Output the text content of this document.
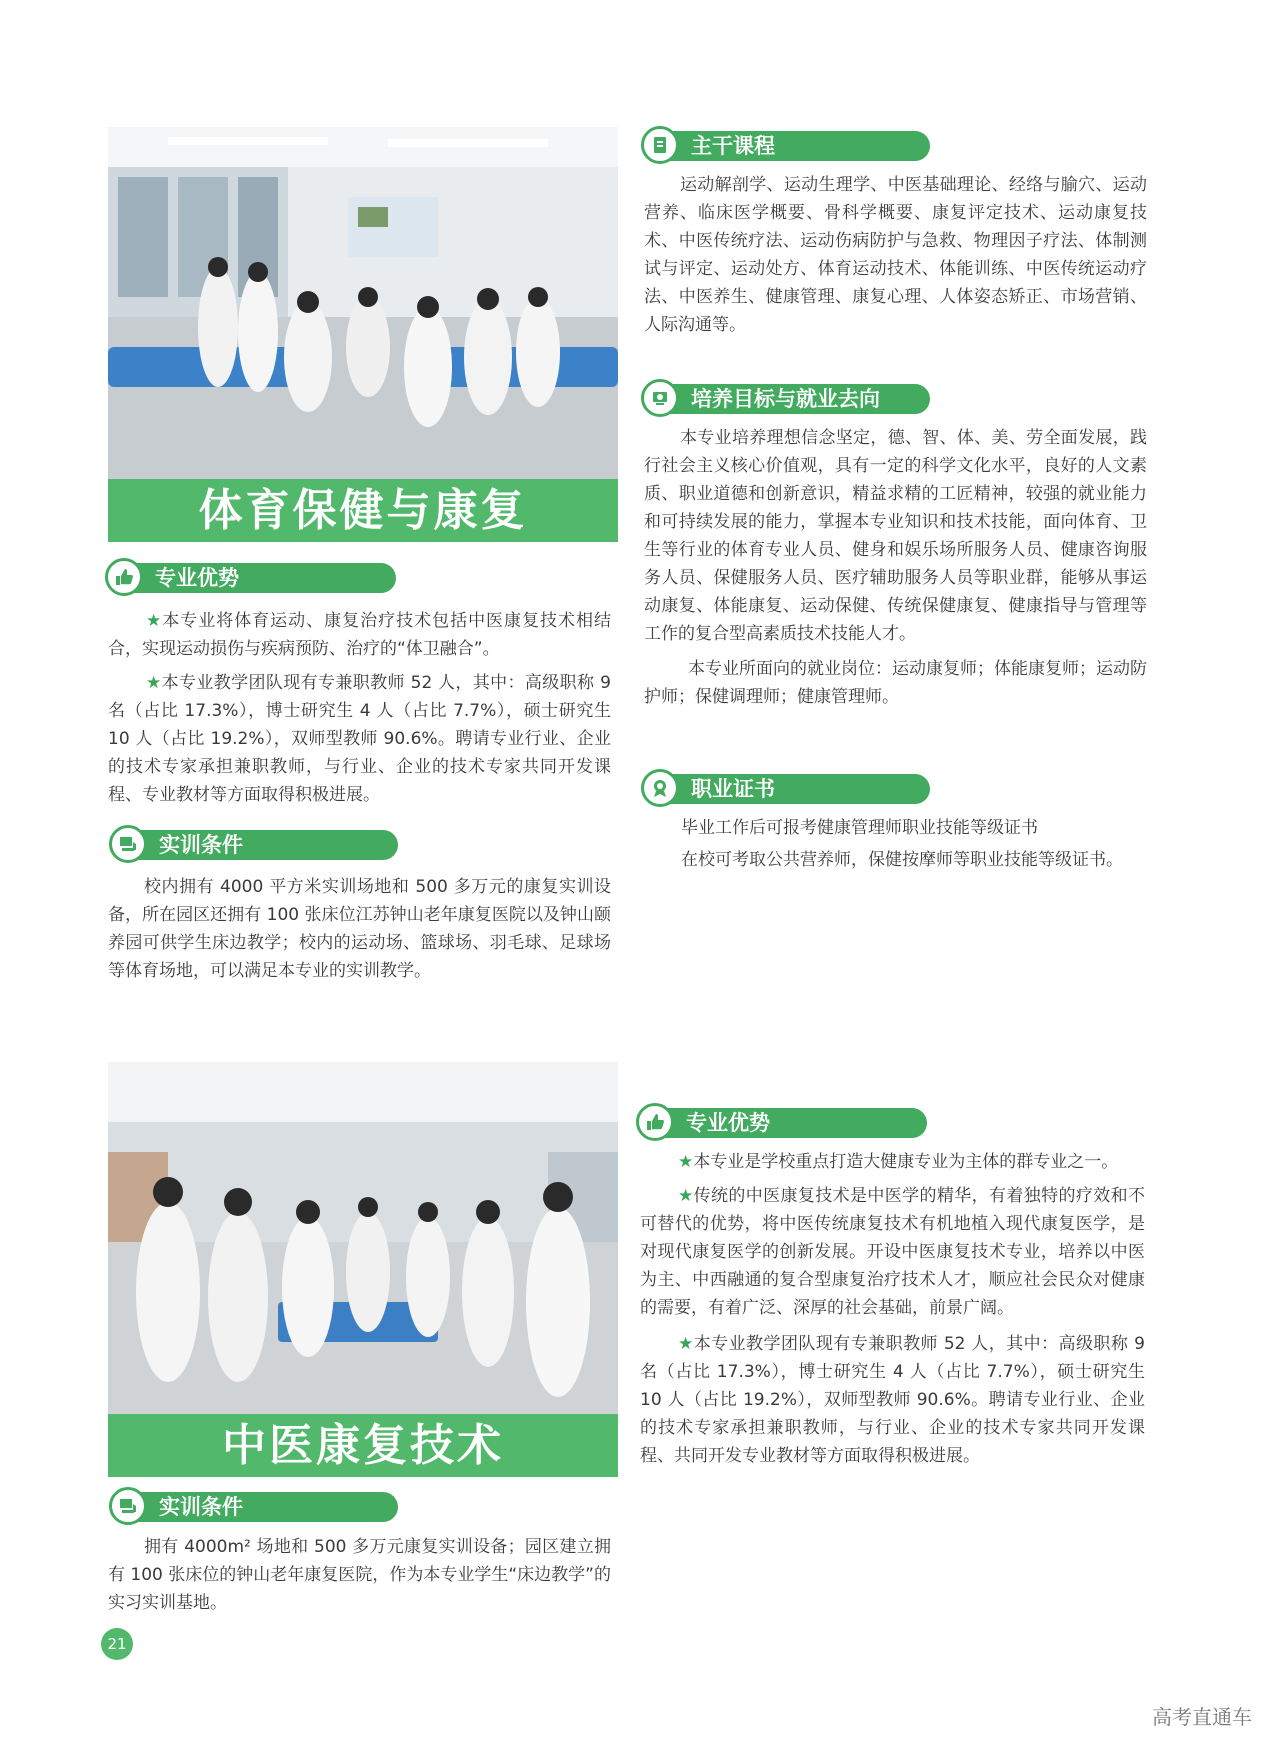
体育保健与康复
专业优势

★本专业将体育运动、康复治疗技术包括中医康复技术相结合，实现运动损伤与疾病预防、治疗的“体卫融合”。

★本专业教学团队现有专兼职教师 52 人，其中：高级职称 9 名（占比 17.3%），博士研究生 4 人（占比 7.7%），硕士研究生 10 人（占比 19.2%），双师型教师 90.6%。聘请专业行业、企业的技术专家承担兼职教师，与行业、企业的技术专家共同开发课程、专业教材等方面取得积极进展。

实训条件

校内拥有 4000 平方米实训场地和 500 多万元的康复实训设备，所在园区还拥有 100 张床位江苏钟山老年康复医院以及钟山颐养园可供学生床边教学；校内的运动场、篮球场、羽毛球、足球场等体育场地，可以满足本专业的实训教学。

主干课程

运动解剖学、运动生理学、中医基础理论、经络与腧穴、运动营养、临床医学概要、骨科学概要、康复评定技术、运动康复技术、中医传统疗法、运动伤病防护与急救、物理因子疗法、体制测试与评定、运动处方、体育运动技术、体能训练、中医传统运动疗法、中医养生、健康管理、康复心理、人体姿态矫正、市场营销、人际沟通等。

培养目标与就业去向

本专业培养理想信念坚定，德、智、体、美、劳全面发展，践行社会主义核心价值观，具有一定的科学文化水平，良好的人文素质、职业道德和创新意识，精益求精的工匠精神，较强的就业能力和可持续发展的能力，掌握本专业知识和技术技能，面向体育、卫生等行业的体育专业人员、健身和娱乐场所服务人员、健康咨询服务人员、保健服务人员、医疗辅助服务人员等职业群，能够从事运动康复、体能康复、运动保健、传统保健康复、健康指导与管理等工作的复合型高素质技术技能人才。

本专业所面向的就业岗位：运动康复师；体能康复师；运动防护师；保健调理师；健康管理师。

职业证书

毕业工作后可报考健康管理师职业技能等级证书

在校可考取公共营养师，保健按摩师等职业技能等级证书。

中医康复技术
实训条件

拥有 4000m² 场地和 500 多万元康复实训设备；园区建立拥有 100 张床位的钟山老年康复医院，作为本专业学生“床边教学”的实习实训基地。

专业优势

★本专业是学校重点打造大健康专业为主体的群专业之一。

★传统的中医康复技术是中医学的精华，有着独特的疗效和不可替代的优势，将中医传统康复技术有机地植入现代康复医学，是对现代康复医学的创新发展。开设中医康复技术专业，培养以中医为主、中西融通的复合型康复治疗技术人才，顺应社会民众对健康的需要，有着广泛、深厚的社会基础，前景广阔。

★本专业教学团队现有专兼职教师 52 人，其中：高级职称 9 名（占比 17.3%），博士研究生 4 人（占比 7.7%），硕士研究生 10 人（占比 19.2%），双师型教师 90.6%。聘请专业行业、企业的技术专家承担兼职教师，与行业、企业的技术专家共同开发课程、共同开发专业教材等方面取得积极进展。

21
高考直通车
